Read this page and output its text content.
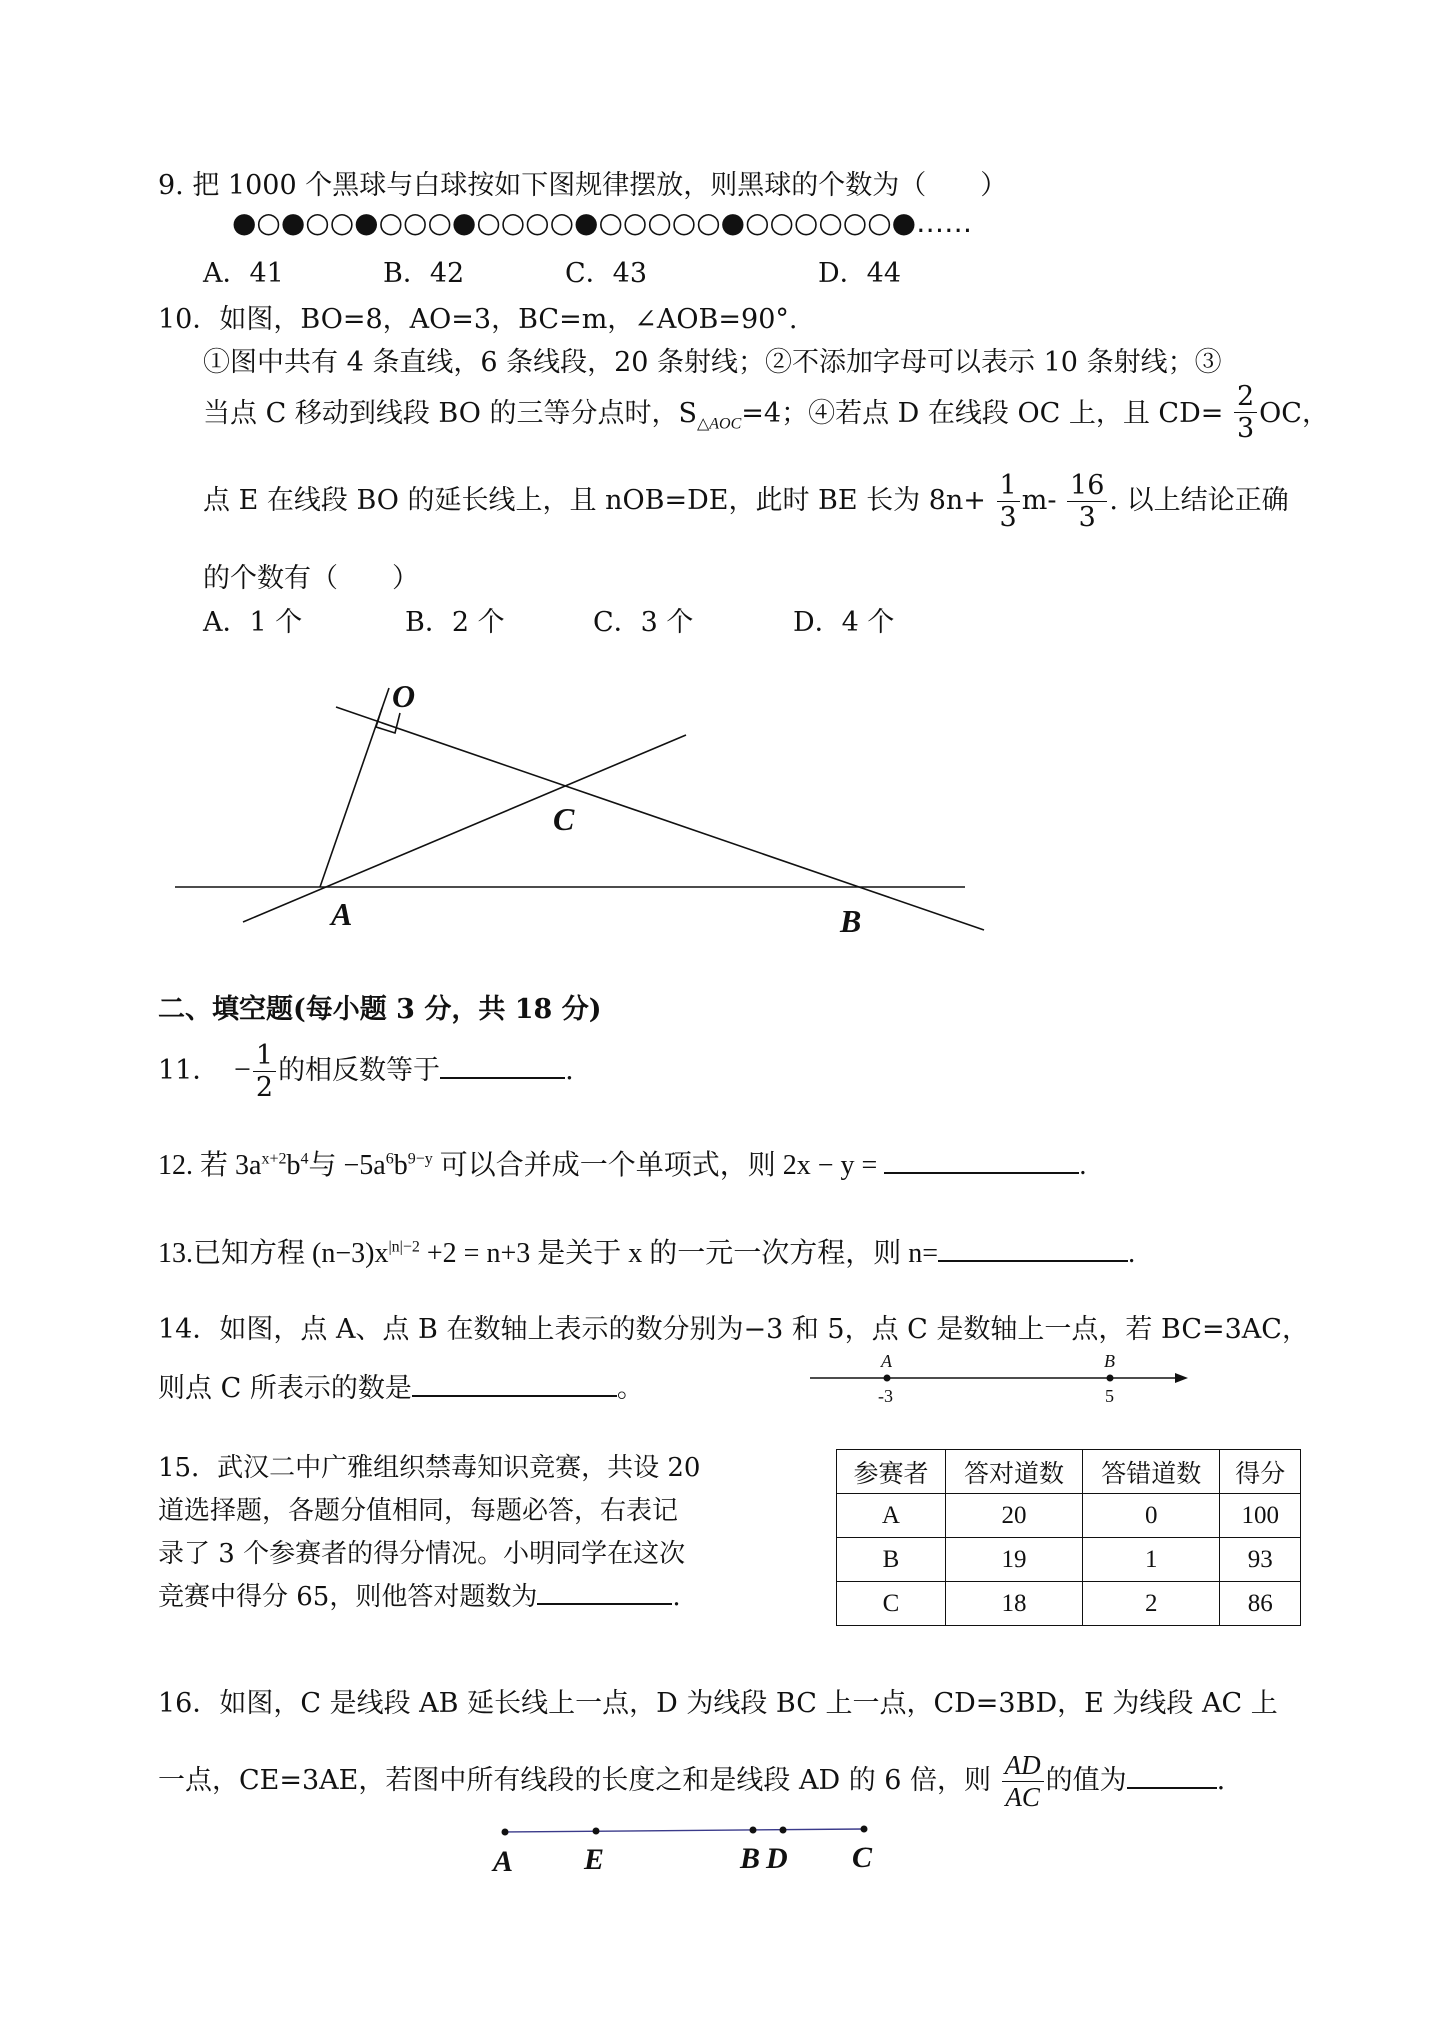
9. 把 1000 个黑球与白球按如下图规律摆放，则黑球的个数为（　　）
●○●○○●○○○●○○○○●○○○○○●○○○○○○●……
A．41	B．42	C．43	D．44
10．如图，BO=8，AO=3，BC=m，∠AOB=90°.
①图中共有 4 条直线，6 条线段，20 条射线；②不添加字母可以表示 10 条射线；③
当点 C 移动到线段 BO 的三等分点时，$S_{\triangle AOC}=4$；④若点 D 在线段 OC 上，且 $CD= \frac{2}{3}$ OC，
点 E 在线段 BO 的延长线上，且 nOB=DE，此时 BE 长为 $8n+ \frac{1}{3} m- \frac{16}{3}$ . 以上结论正确
的个数有（　　）
A．1 个	B．2 个	C．3 个	D．4 个
O
C
A	B
二、填空题(每小题 3 分，共 18 分)
11． − $\frac{1}{2}$ 的相反数等于	.
12. 若 $3a^{x+2}b^4$与 $-5a^6b^{9-y}$ 可以合并成一个单项式，则 2x − y =	.
13.已知方程 $(n-3)x^{|n|-2} +2 = n+3$ 是关于 x 的一元一次方程，则 n=	.
14．如图，点 A、点 B 在数轴上表示的数分别为−3 和 5，点 C 是数轴上一点，若 BC=3AC，
则点 C 所表示的数是	。
A	B
-3	5
15．武汉二中广雅组织禁毒知识竞赛，共设 20
道选择题，各题分值相同，每题必答，右表记
录了 3 个参赛者的得分情况。小明同学在这次
竞赛中得分 65，则他答对题数为	.
参赛者	答对道数	答错道数	得分
A	20	0	100
B	19	1	93
C	18	2	86
16．如图，C 是线段 AB 延长线上一点，D 为线段 BC 上一点，CD=3BD，E 为线段 AC 上
一点，CE=3AE，若图中所有线段的长度之和是线段 AD 的 6 倍，则 $\frac{AD}{AC}$ 的值为	.
A E	B D C
